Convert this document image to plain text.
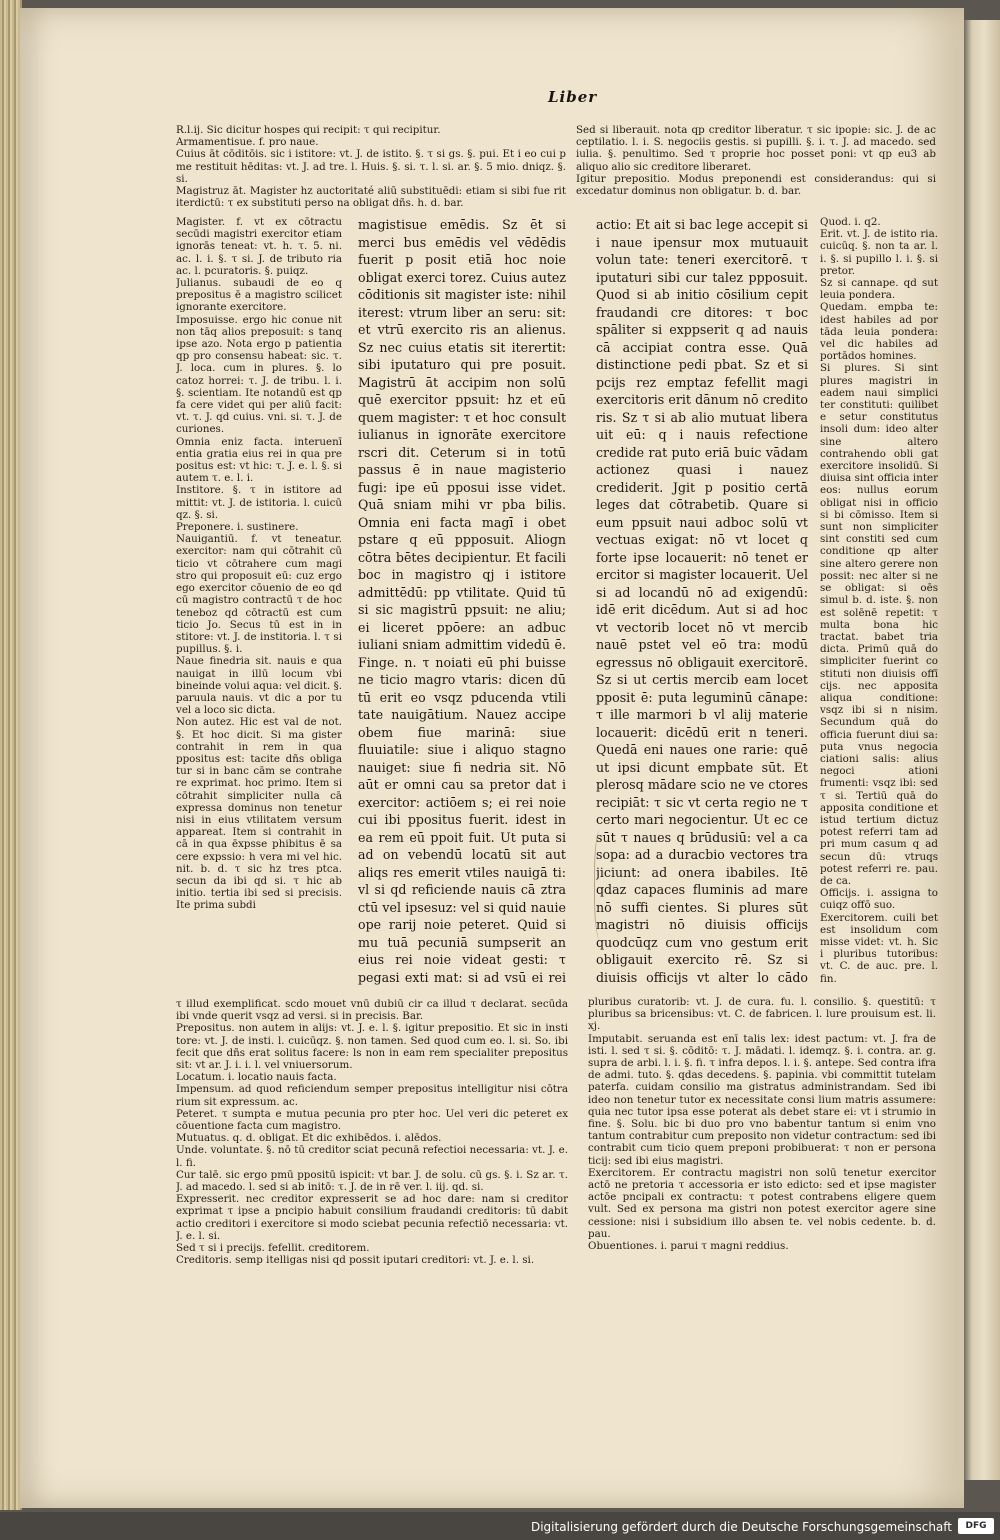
Liber

R.l.ij. Sic dicitur hospes qui recipit: τ qui recipitur.

Armamentisue. f. pro naue.

Cuius āt cōditōis. sic i istitore: vt. J. de istito. §. τ si gs. §. pui. Et i eo cui p me restituit hēditas: vt. J. ad tre. l. Huis. §. si. τ. l. si. ar. §. 5 mio. dniqz. §. si.

Magistruz āt. Magister hz auctoritaté aliū substituēdi: etiam si sibi fue rit iterdictū: τ ex substituti perso na obligat dñs. h. d. bar.

Magister. f. vt ex cōtractu secūdi magistri exercitor etiam ignorās teneat: vt. h. τ. 5. ni. ac. l. i. §. τ si. J. de tributo ria ac. l. pcuratoris. §. puiqz.

Julianus. subaudi de eo q prepositus ē a magistro scilicet ignorante exercitore.

Imposuisse. ergo hic conue nit non tāq alios preposuit: s tanq ipse azo. Nota ergo p patientia qp pro consensu habeat: sic. τ. J. loca. cum in plures. §. lo catoz horrei: τ. J. de tribu. l. i. §. scientiam. Ite notandū est qp fa cere videt qui per aliū facit: vt. τ. J. qd cuius. vni. si. τ. J. de curiones.

Omnia eniz facta. interuenī entia gratia eius rei in qua pre positus est: vt hic: τ. J. e. l. §. si autem τ. e. l. i.

Institore. §. τ in istitore ad mittit: vt. J. de istitoria. l. cuicū qz. §. si.

Preponere. i. sustinere.

Nauigantiū. f. vt teneatur. exercitor: nam qui cōtrahit cū ticio vt cōtrahere cum magi stro qui proposuit eū: cuz ergo ego exercitor cōuenio de eo qd cū magistro contractū τ de hoc teneboz qd cōtractū est cum ticio Jo. Secus tū est in in stitore: vt. J. de institoria. l. τ si pupillus. §. i.

Naue finedria sit. nauis e qua nauigat in illū locum vbi bineinde volui aqua: vel dicit. §. paruula nauis. vt dic a por tu vel a loco sic dicta.

Non autez. Hic est val de not. §. Et hoc dicit. Si ma gister contrahit in rem in qua ppositus est: tacite dñs obliga tur si in banc cām se contrahe re exprimat. hoc primo. Item si cōtrahit simpliciter nulla cā expressa dominus non tenetur nisi in eius vtilitatem versum appareat. Item si contrahit in cā in qua ēxpsse phibitus ē sa cere expssio: h vera mi vel hic. nit. b. d. τ sic hz tres ptca. secun da ibi qd si. τ hic ab initio. tertia ibi sed si precisis. Ite prima subdi

magistisue emēdis. Sz ēt si merci bus emēdis vel vēdēdis fuerit p posit etiā hoc noie obligat exerci torez. Cuius autez cōditionis sit magister iste: nihil iterest: vtrum liber an seru: sit: et vtrū exercito ris an alienus. Sz nec cuius etatis sit iterertit: sibi iputaturo qui pre posuit. Magistrū āt accipim non solū quē exercitor ppsuit: hz et eū quem magister: τ et hoc consult iulianus in ignorāte exercitore rscri dit. Ceterum si in totū passus ē in naue magisterio fugi: ipe eū pposui isse videt. Quā sniam mihi vr pba bilis. Omnia eni facta magī i obet pstare q eū ppposuit. Aliogn cōtra bētes decipientur. Et facili boc in magistro qj i istitore admittēdū: pp vtilitate. Quid tū si sic magistrū ppsuit: ne aliu; ei liceret ppōere: an adbuc iuliani sniam admittim videdū ē. Finge. n. τ noiati eū phi buisse ne ticio magro vtaris: dicen dū tū erit eo vsqz pducenda vtili tate nauigātium. Nauez accipe obem fiue marinā: siue fluuiatile: siue i aliquo stagno nauiget: siue fi nedria sit. Nō aūt er omni cau sa pretor dat i exercitor: actiōem s; ei rei noie cui ibi ppositus fuerit. idest in ea rem eū ppoit fuit. Ut puta si ad on vebendū locatū sit aut aliqs res emerit vtiles nauigā ti: vl si qd reficiende nauis cā ztra ctū vel ipsesuz: vel si quid nauie ope rarij noie peteret. Quid si mu tuā pecuniā sumpserit an eius rei noie videat gesti: τ pegasi exti mat: si ad vsū ei rei

Sed si liberauit. nota qp creditor liberatur. τ sic ipopie: sic. J. de ac ceptilatio. l. i. S. negociis gestis. si pupilli. §. i. τ. J. ad macedo. sed iulia. §. penultimo. Sed τ proprie hoc posset poni: vt qp eu3 ab aliquo alio sic creditore liberaret.

Igitur prepositio. Modus preponendi est considerandus: qui si excedatur dominus non obligatur. b. d. bar.

actio: Et ait si bac lege accepit si i naue ipensur mox mutuauit volun tate: teneri exercitorē. τ iputaturi sibi cur talez ppposuit. Quod si ab initio cōsilium cepit fraudandi cre ditores: τ boc spāliter si exppserit q ad nauis cā accipiat contra esse. Quā distinctione pedi pbat. Sz et si pcijs rez emptaz fefellit magi exercitoris erit dānum nō credito ris. Sz τ si ab alio mutuat libera uit eū: q i nauis refectione credide rat puto eriā buic vādam actionez quasi i nauez crediderit. Jgit p positio certā leges dat cōtrabetib. Quare si eum ppsuit naui adboc solū vt vectuas exigat: nō vt locet q forte ipse locauerit: nō tenet er ercitor si magister locauerit. Uel si ad locandū nō ad exigendū: idē erit dicēdum. Aut si ad hoc vt vectorib locet nō vt mercib nauē pstet vel eō tra: modū egressus nō obligauit exercitorē. Sz si ut certis mercib eam locet pposit ē: puta leguminū cānape: τ ille marmori b vl alij materie locauerit: dicēdū erit n teneri. Quedā eni naues one rarie: quē ut ipsi dicunt empbate sūt. Et plerosq mādare scio ne ve ctores recipiāt: τ sic vt certa regio ne τ certo mari negocientur. Ut ec ce sūt τ naues q brūdusiū: vel a ca sopa: ad a duracbio vectores tra jiciunt: ad onera ibabiles. Itē qdaz capaces fluminis ad mare nō suffi cientes. Si plures sūt magistri nō diuisis officijs quodcūqz cum vno gestum erit obligauit exercito rē. Sz si diuisis officijs vt alter lo cādo

Quod. i. q2.

Erit. vt. J. de istito ria. cuicūq. §. non ta ar. l. i. §. si pupillo l. i. §. si pretor.

Sz si cannape. qd sut leuia pondera.

Quedam. empba te: idest habiles ad por tāda leuia pondera: vel dic habiles ad portādos homines.

Si plures. Si sint plures magistri in eadem naui simplici ter constituti: quilibet e setur constitutus insoli dum: ideo alter sine altero contrahendo obli gat exercitore insolidū. Si diuisa sint officia inter eos: nullus eorum obligat nisi in officio si bi cōmisso. Item si sunt non simpliciter sint constiti sed cum conditione qp alter sine altero gerere non possit: nec alter si ne se obligat: si oēs simul b. d. iste. §. non est solēnē repetit: τ multa bona hic tractat. babet tria dicta. Primū quā do simpliciter fuerint co stituti non diuisis offī cijs. nec apposita aliqua conditione: vsqz ibi si n nisim. Secundum quā do officia fuerunt diui sa: puta vnus negocia ciationi salis: alius negoci ationi frumenti: vsqz ibi: sed τ si. Tertiū quā do apposita conditione et istud tertium dictuz potest referri tam ad pri mum casum q ad secun dū: vtruqs potest referri re. pau. de ca.

Officijs. i. assigna to cuiqz offō suo.

Exercitorem. cuili bet est insolidum com misse videt: vt. h. Sic i pluribus tutoribus: vt. C. de auc. pre. l. fin.

τ illud exemplificat. scdo mouet vnū dubiū cir ca illud τ declarat. secūda ibi vnde querit vsqz ad versi. si in precisis. Bar.

Prepositus. non autem in alijs: vt. J. e. l. §. igitur prepositio. Et sic in insti tore: vt. J. de insti. l. cuicūqz. §. non tamen. Sed quod cum eo. l. si. So. ibi fecit que dñs erat solitus facere: ls non in eam rem specialiter prepositus sit: vt ar. J. i. i. l. vel vniuersorum.

Locatum. i. locatio nauis facta.

Impensum. ad quod reficiendum semper prepositus intelligitur nisi cōtra rium sit expressum. ac.

Peteret. τ sumpta e mutua pecunia pro pter hoc. Uel veri dic peteret ex cōuentione facta cum magistro.

Mutuatus. q. d. obligat. Et dic exhibēdos. i. alēdos.

Unde. voluntate. §. nō tū creditor sciat pecunā refectioi necessaria: vt. J. e. l. fi.

Cur talē. sic ergo pmū ppositū ispicit: vt bar. J. de solu. cū gs. §. i. Sz ar. τ. J. ad macedo. l. sed si ab initō: τ. J. de in rē ver. l. iij. qd. si.

Expresserit. nec creditor expresserit se ad hoc dare: nam si creditor exprimat τ ipse a pncipio habuit consilium fraudandi creditoris: tū dabit actio creditori i exercitore si modo sciebat pecunia refectiō necessaria: vt. J. e. l. si.

Sed τ si i precijs. fefellit. creditorem.

Creditoris. semp itelligas nisi qd possit iputari creditori: vt. J. e. l. si.

pluribus curatorib: vt. J. de cura. fu. l. consilio. §. questitū: τ pluribus sa bricensibus: vt. C. de fabricen. l. lure prouisum est. li. xj.

Imputabit. seruanda est enī talis lex: idest pactum: vt. J. fra de isti. l. sed τ si. §. cōditō: τ. J. mādati. l. idemqz. §. i. contra. ar. g. supra de arbi. l. i. §. fi. τ infra depos. l. i. §. antepe. Sed contra ifra de admi. tuto. §. qdas decedens. §. papinia. vbi committit tutelam paterfa. cuidam consilio ma gistratus administrandam. Sed ibi ideo non tenetur tutor ex necessitate consi lium matris assumere: quia nec tutor ipsa esse poterat als debet stare ei: vt i strumio in fine. §. Solu. bic bi duo pro vno babentur tantum si enim vno tantum contrabitur cum preposito non videtur contractum: sed ibi contrabit cum ticio quem preponi probibuerat: τ non er persona ticij: sed ibi eius magistri.

Exercitorem. Er contractu magistri non solū tenetur exercitor actō ne pretoria τ accessoria er isto edicto: sed et ipse magister actōe pncipali ex contractu: τ potest contrabens eligere quem vult. Sed ex persona ma gistri non potest exercitor agere sine cessione: nisi i subsidium illo absen te. vel nobis cedente. b. d. pau.

Obuentiones. i. parui τ magni reddius.

Digitalisierung gefördert durch die Deutsche Forschungsgemeinschaft	DFG
